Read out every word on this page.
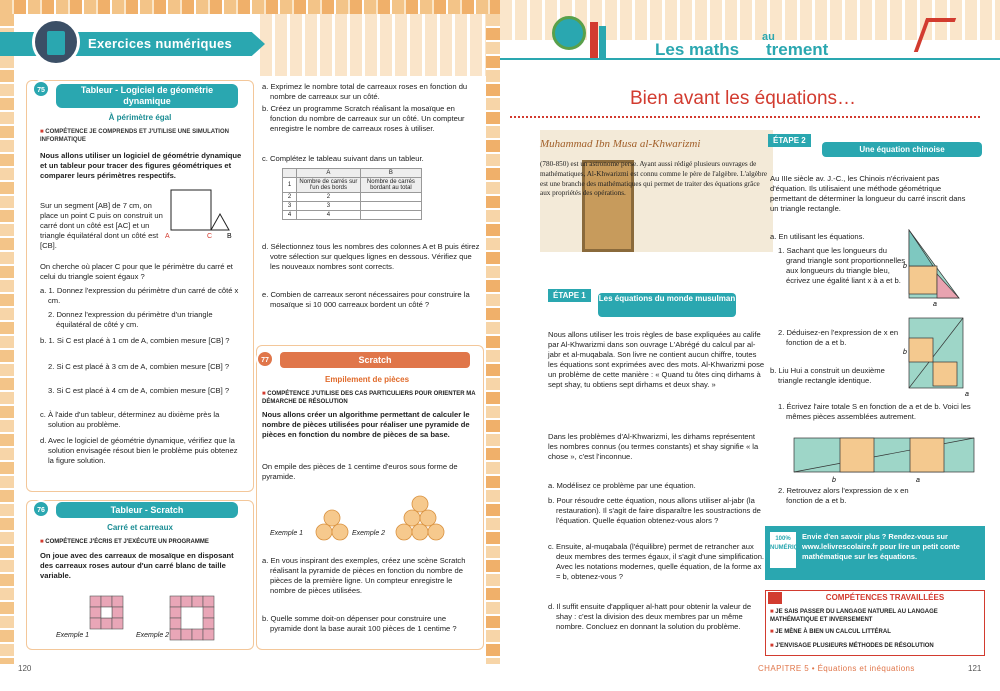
Exercices numériques
75	Tableur - Logiciel de géométrie dynamique
À périmètre égal
■ COMPÉTENCE JE COMPRENDS ET J'UTILISE UNE SIMULATION INFORMATIQUE
Nous allons utiliser un logiciel de géométrie dynamique et un tableur pour tracer des figures géométriques et comparer leurs périmètres respectifs.
Sur un segment [AB] de 7 cm, on place un point C puis on construit un carré dont un côté est [AC] et un triangle équilatéral dont un côté est [CB].
A	C B
On cherche où placer C pour que le périmètre du carré et celui du triangle soient égaux ?
a. 1. Donnez l'expression du périmètre d'un carré de côté x cm.
2. Donnez l'expression du périmètre d'un triangle équilatéral de côté y cm.
b. 1. Si C est placé à 1 cm de A, combien mesure [CB] ?
2. Si C est placé à 3 cm de A, combien mesure [CB] ?
3. Si C est placé à 4 cm de A, combien mesure [CB] ?
c. À l'aide d'un tableur, déterminez au dixième près la solution au problème.
d. Avec le logiciel de géométrie dynamique, vérifiez que la solution envisagée résout bien le problème puis obtenez la figure solution.
76	Tableur - Scratch
Carré et carreaux
■ COMPÉTENCE J'ÉCRIS ET J'EXÉCUTE UN PROGRAMME
On joue avec des carreaux de mosaïque en disposant des carreaux roses autour d'un carré blanc de taille variable.
Exemple 1	Exemple 2
a. Exprimez le nombre total de carreaux roses en fonction du nombre de carreaux sur un côté.
b. Créez un programme Scratch réalisant la mosaïque en fonction du nombre de carreaux sur un côté. Un compteur enregistre le nombre de carreaux roses à utiliser.
c. Complétez le tableau suivant dans un tableur.
	A	B
1	Nombre de carrés sur l'un des bords	Nombre de carrés bordant au total
2	2	
3	3	
4	4	
d. Sélectionnez tous les nombres des colonnes A et B puis étirez votre sélection sur quelques lignes en dessous. Vérifiez que les nouveaux nombres sont corrects.
e. Combien de carreaux seront nécessaires pour construire la mosaïque si 10 000 carreaux bordent un côté ?
77	Scratch
Empilement de pièces
■ COMPÉTENCE J'UTILISE DES CAS PARTICULIERS POUR ORIENTER MA DÉMARCHE DE RÉSOLUTION
Nous allons créer un algorithme permettant de calculer le nombre de pièces utilisées pour réaliser une pyramide de pièces en fonction du nombre de pièces de sa base.
On empile des pièces de 1 centime d'euros sous forme de pyramide.
Exemple 1	Exemple 2
a. En vous inspirant des exemples, créez une scène Scratch réalisant la pyramide de pièces en fonction du nombre de pièces de la première ligne. Un compteur enregistre le nombre de pièces utilisées.
b. Quelle somme doit-on dépenser pour construire une pyramide dont la base aurait 100 pièces de 1 centime ?
120
Les maths
au
trement
Bien avant les équations…
Muhammad Ibn Musa al-Khwarizmi
(780-850) est un astronome perse. Ayant aussi rédigé plusieurs ouvrages de mathématiques, Al-Khwarizmi est connu comme le père de l'algèbre. L'algèbre est une branche des mathématiques qui permet de traiter des équations grâce aux propriétés des opérations.
ÉTAPE 1	Les équations du monde musulman
Nous allons utiliser les trois règles de base expliquées au calife par Al-Khwarizmi dans son ouvrage L'Abrégé du calcul par al-jabr et al-muqabala. Son livre ne contient aucun chiffre, toutes les équations sont exprimées avec des mots. Al-Khwarizmi pose un problème de cette manière : « Quand tu ôtes cinq dirhams à sept shay, tu obtiens sept dirhams et deux shay. »
Dans les problèmes d'Al-Khwarizmi, les dirhams représentent les nombres connus (ou termes constants) et shay signifie « la chose », c'est l'inconnue.
a. Modélisez ce problème par une équation.
b. Pour résoudre cette équation, nous allons utiliser al-jabr (la restauration). Il s'agit de faire disparaître les soustractions de l'équation. Quelle équation obtenez-vous alors ?
c. Ensuite, al-muqabala (l'équilibre) permet de retrancher aux deux membres des termes égaux, il s'agit d'une simplification. Avec les notations modernes, quelle équation, de la forme ax = b, obtenez-vous ?
d. Il suffit ensuite d'appliquer al-hatt pour obtenir la valeur de shay : c'est la division des deux membres par un même nombre. Concluez en donnant la solution du problème.
ÉTAPE 2
Une équation chinoise
Au IIIe siècle av. J.-C., les Chinois n'écrivaient pas d'équation. Ils utilisaient une méthode géométrique permettant de déterminer la longueur du carré inscrit dans un triangle rectangle.
a. En utilisant les équations.
1. Sachant que les longueurs du grand triangle sont proportionnelles aux longueurs du triangle bleu, écrivez une égalité liant x à a et b.
2. Déduisez-en l'expression de x en fonction de a et b.
b. Liu Hui a construit un deuxième triangle rectangle identique.
1. Écrivez l'aire totale S en fonction de a et de b. Voici les mêmes pièces assemblées autrement.
2. Retrouvez alors l'expression de x en fonction de a et b.
b
a
a
b
b	a
100% NUMÉRIQUE
Envie d'en savoir plus ? Rendez-vous sur www.lelivrescolaire.fr pour lire un petit conte mathématique sur les équations.
COMPÉTENCES TRAVAILLÉES
■ JE SAIS PASSER DU LANGAGE NATUREL AU LANGAGE MATHÉMATIQUE ET INVERSEMENT
■ JE MÈNE À BIEN UN CALCUL LITTÉRAL
■ J'ENVISAGE PLUSIEURS MÉTHODES DE RÉSOLUTION
CHAPITRE 5 • Équations et inéquations	121
